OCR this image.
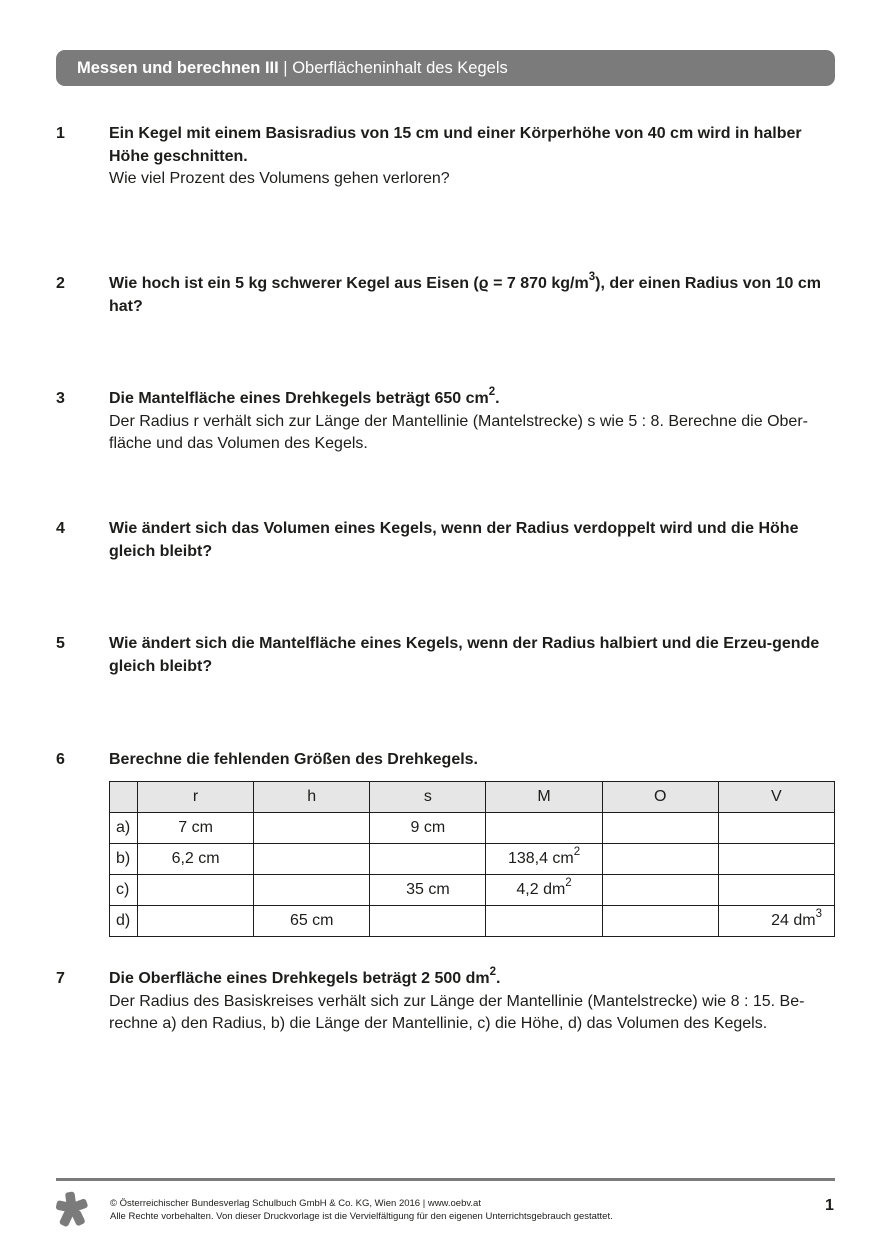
Messen und berechnen III | Oberflächeninhalt des Kegels
1	Ein Kegel mit einem Basisradius von 15 cm und einer Körperhöhe von 40 cm wird in halber Höhe geschnitten.
Wie viel Prozent des Volumens gehen verloren?
2	Wie hoch ist ein 5 kg schwerer Kegel aus Eisen (ϱ = 7 870 $kg/m^3$), der einen Radius von 10 cm hat?
3	Die Mantelfläche eines Drehkegels beträgt 650 $cm^2$.
Der Radius r verhält sich zur Länge der Mantellinie (Mantelstrecke) s wie 5 : 8. Berechne die Ober-fläche und das Volumen des Kegels.
4	Wie ändert sich das Volumen eines Kegels, wenn der Radius verdoppelt wird und die Höhe gleich bleibt?
5	Wie ändert sich die Mantelfläche eines Kegels, wenn der Radius halbiert und die Erzeu-gende gleich bleibt?
6	Berechne die fehlenden Größen des Drehkegels.
	r	h	s	M	O	V
a)	7 cm		9 cm			
b)	6,2 cm			138,4 $cm^2$		
c)			35 cm	4,2 $dm^2$		
d)		65 cm				24 $dm^3$
7	Die Oberfläche eines Drehkegels beträgt 2 500 $dm^2$.
Der Radius des Basiskreises verhält sich zur Länge der Mantellinie (Mantelstrecke) wie 8 : 15. Be-rechne a) den Radius, b) die Länge der Mantellinie, c) die Höhe, d) das Volumen des Kegels.
© Österreichischer Bundesverlag Schulbuch GmbH & Co. KG, Wien 2016 | www.oebv.at
Alle Rechte vorbehalten. Von dieser Druckvorlage ist die Vervielfältigung für den eigenen Unterrichtsgebrauch gestattet.
1
